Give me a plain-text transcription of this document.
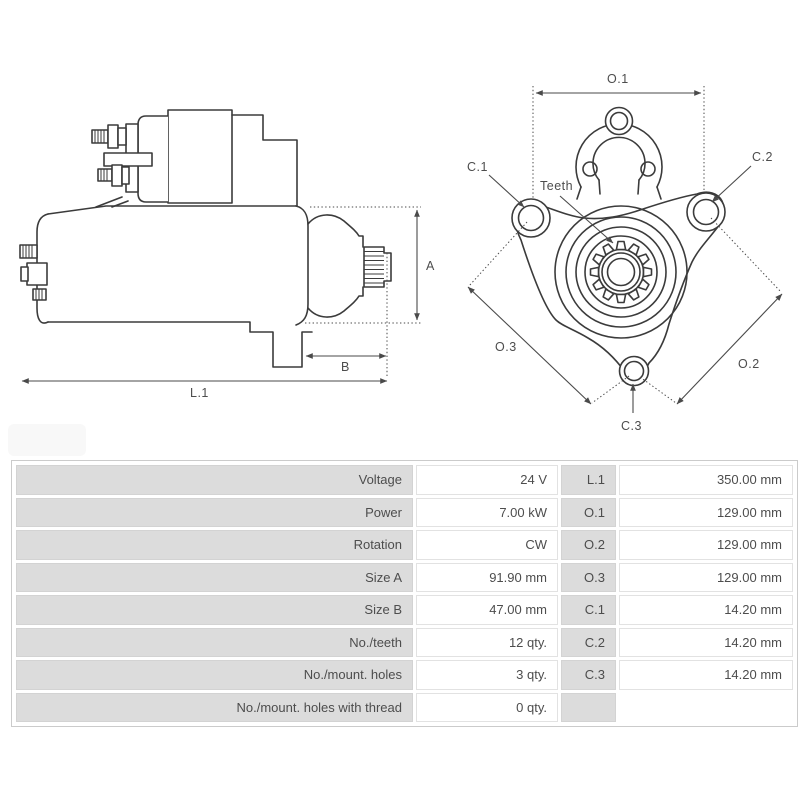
A
B
L.1
O.1
C.1
C.2
Teeth
C.3
O.3
O.2
Voltage	24 V	L.1	350.00 mm
Power	7.00 kW	O.1	129.00 mm
Rotation	CW	O.2	129.00 mm
Size A	91.90 mm	O.3	129.00 mm
Size B	47.00 mm	C.1	14.20 mm
No./teeth	12 qty.	C.2	14.20 mm
No./mount. holes	3 qty.	C.3	14.20 mm
No./mount. holes with thread	0 qty.
